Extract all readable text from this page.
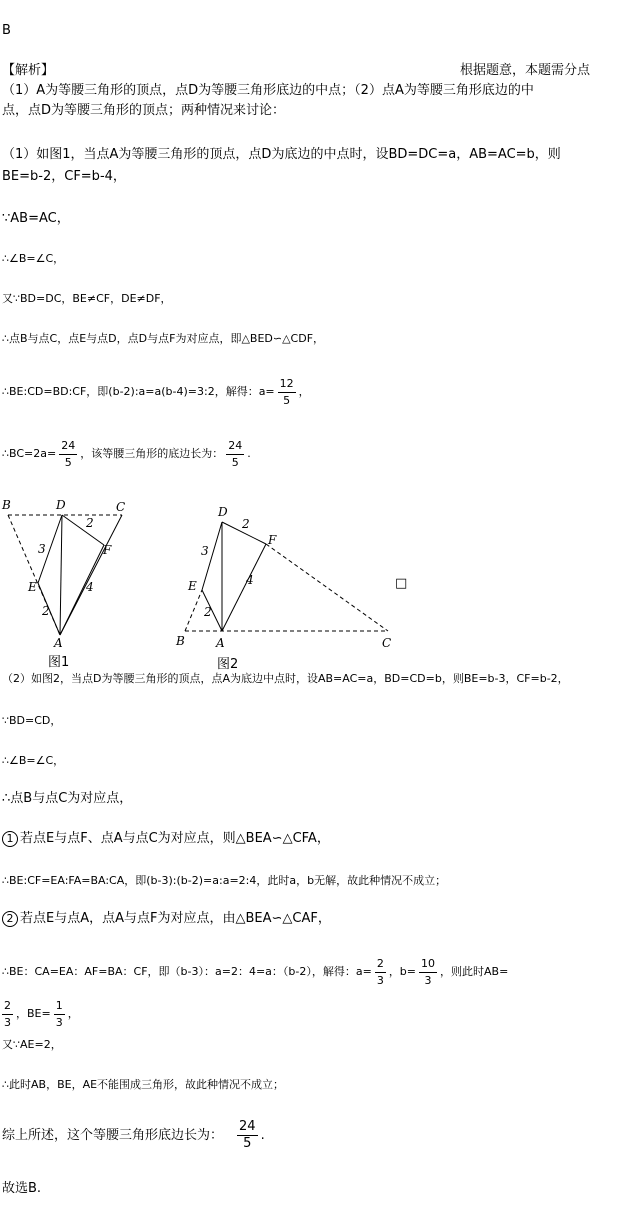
B
【解析】	根据题意，本题需分点
（1）A为等腰三角形的顶点，点D为等腰三角形底边的中点；（2）点A为等腰三角形底边的中
点，点D为等腰三角形的顶点；两种情况来讨论：
（1）如图1，当点A为等腰三角形的顶点，点D为底边的中点时，设BD=DC=a，AB=AC=b，则
BE=b-2，CF=b-4，
∵AB=AC，
∴∠B=∠C，
又∵BD=DC，BE≠CF，DE≠DF，
∴点B与点C，点E与点D，点D与点F为对应点，即△BED∽△CDF，
∴BE:CD=BD:CF，即(b-2):a=a(b-4)=3:2，解得：$a= \frac{12}{5}$ ，
∴BC=2a= $\frac{24}{5}$ ，该等腰三角形的底边长为： $\frac{24}{5}$ .
B	D	C
E
F
A
3
2
2
4
图1
D
F
E
B	A	C
2
3
4
2
□
图2
（2）如图2，当点D为等腰三角形的顶点，点A为底边中点时，设AB=AC=a，BD=CD=b，则BE=b-3，CF=b-2，
∵BD=CD，
∴∠B=∠C，
∴点B与点C为对应点，
1 若点E与点F、点A与点C为对应点，则△BEA∽△CFA，
∴BE:CF=EA:FA=BA:CA，即(b-3):(b-2)=a:a=2:4，此时a，b无解，故此种情况不成立；
2 若点E与点A，点A与点F为对应点，由△BEA∽△CAF，
∴BE：CA=EA：AF=BA：CF，即（b-3）：a=2：4=a：（b-2），解得：$a= \frac{2}{3}$ ，$b= \frac{10}{3}$ ，则此时AB=
$\frac{2}{3}$ ，$BE= \frac{1}{3}$ ，
又∵AE=2，
∴此时AB，BE，AE不能围成三角形，故此种情况不成立；
综上所述，这个等腰三角形底边长为： $\frac{24}{5}$ .
故选B.
